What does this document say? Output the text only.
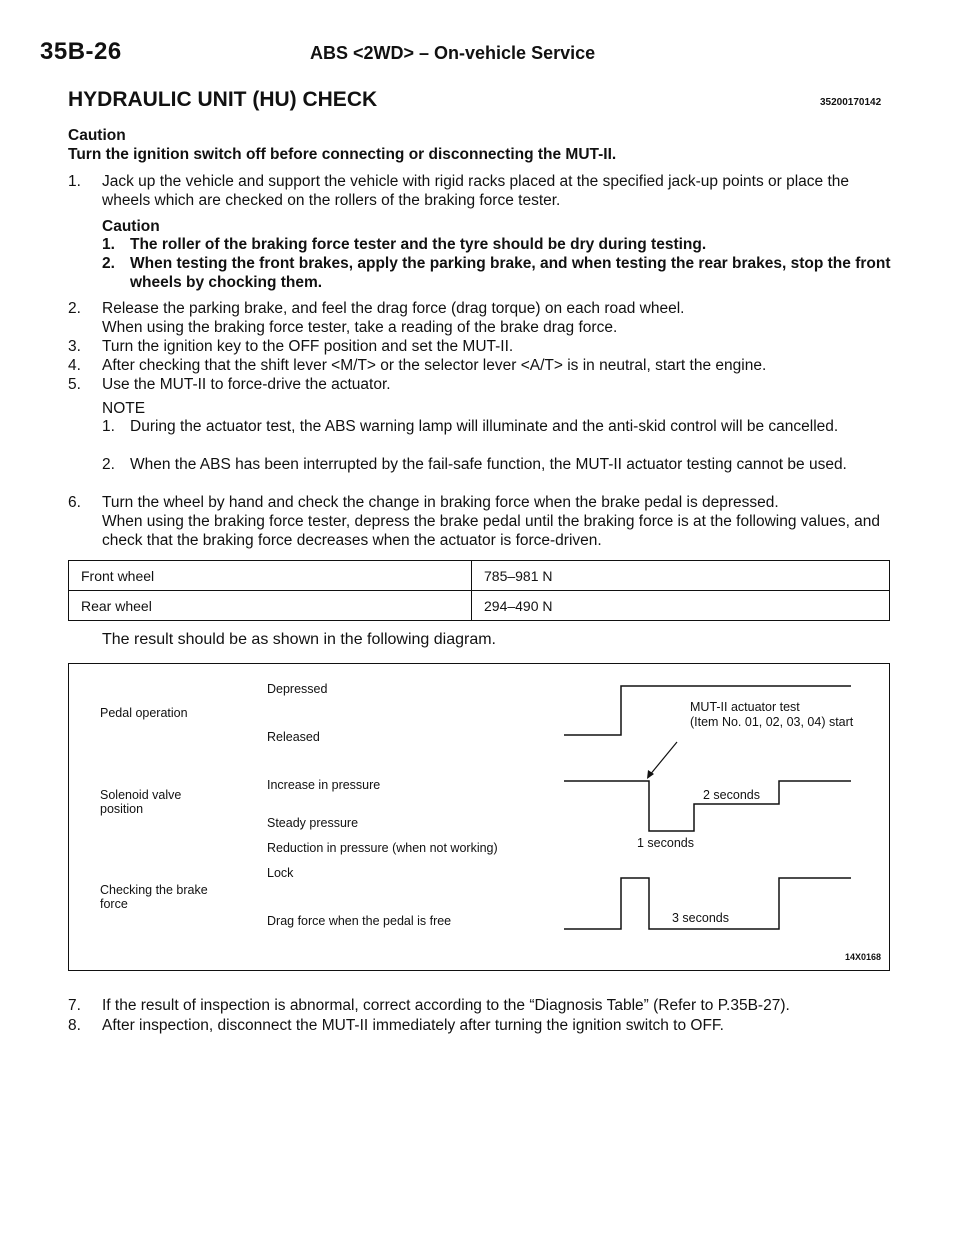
35B-26	ABS <2WD> – On-vehicle Service
HYDRAULIC UNIT (HU) CHECK	35200170142
Caution
Turn the ignition switch off before connecting or disconnecting the MUT-II.
1. Jack up the vehicle and support the vehicle with rigid racks placed at the specified jack-up points or place the wheels which are checked on the rollers of the braking force tester.
Caution
1. The roller of the braking force tester and the tyre should be dry during testing.
2. When testing the front brakes, apply the parking brake, and when testing the rear brakes, stop the front wheels by chocking them.
2. Release the parking brake, and feel the drag force (drag torque) on each road wheel.
When using the braking force tester, take a reading of the brake drag force.
3. Turn the ignition key to the OFF position and set the MUT-II.
4. After checking that the shift lever <M/T> or the selector lever <A/T> is in neutral, start the engine.
5. Use the MUT-II to force-drive the actuator.
NOTE
1. During the actuator test, the ABS warning lamp will illuminate and the anti-skid control will be cancelled.
2. When the ABS has been interrupted by the fail-safe function, the MUT-II actuator testing cannot be used.
6. Turn the wheel by hand and check the change in braking force when the brake pedal is depressed.
When using the braking force tester, depress the brake pedal until the braking force is at the following values, and check that the braking force decreases when the actuator is force-driven.
Front wheel	785–981 N
Rear wheel	294–490 N
The result should be as shown in the following diagram.
Pedal operation
Depressed
Released
Solenoid valve position
Increase in pressure
Steady pressure
Reduction in pressure (when not working)
Checking the brake force
Lock
Drag force when the pedal is free
MUT-II actuator test
(Item No. 01, 02, 03, 04) start
2 seconds
1 seconds
3 seconds
14X0168
7. If the result of inspection is abnormal, correct according to the “Diagnosis Table” (Refer to P.35B-27).
8. After inspection, disconnect the MUT-II immediately after turning the ignition switch to OFF.
